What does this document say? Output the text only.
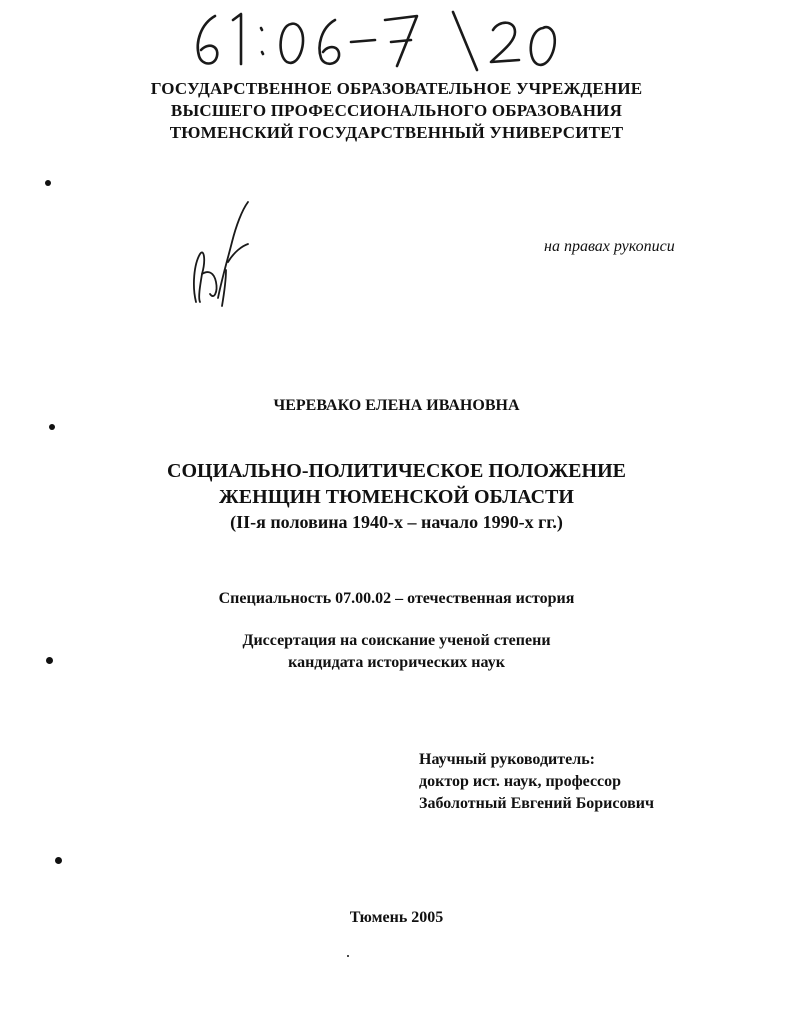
ГОСУДАРСТВЕННОЕ ОБРАЗОВАТЕЛЬНОЕ УЧРЕЖДЕНИЕ
ВЫСШЕГО ПРОФЕССИОНАЛЬНОГО ОБРАЗОВАНИЯ
ТЮМЕНСКИЙ ГОСУДАРСТВЕННЫЙ УНИВЕРСИТЕТ
на правах рукописи
ЧЕРЕВАКО ЕЛЕНА ИВАНОВНА
СОЦИАЛЬНО-ПОЛИТИЧЕСКОЕ ПОЛОЖЕНИЕ
ЖЕНЩИН ТЮМЕНСКОЙ ОБЛАСТИ
(II-я половина 1940-х – начало 1990-х гг.)
Специальность 07.00.02 – отечественная история
Диссертация на соискание ученой степени
кандидата исторических наук
Научный руководитель:
доктор ист. наук, профессор
Заболотный Евгений Борисович
Тюмень 2005
